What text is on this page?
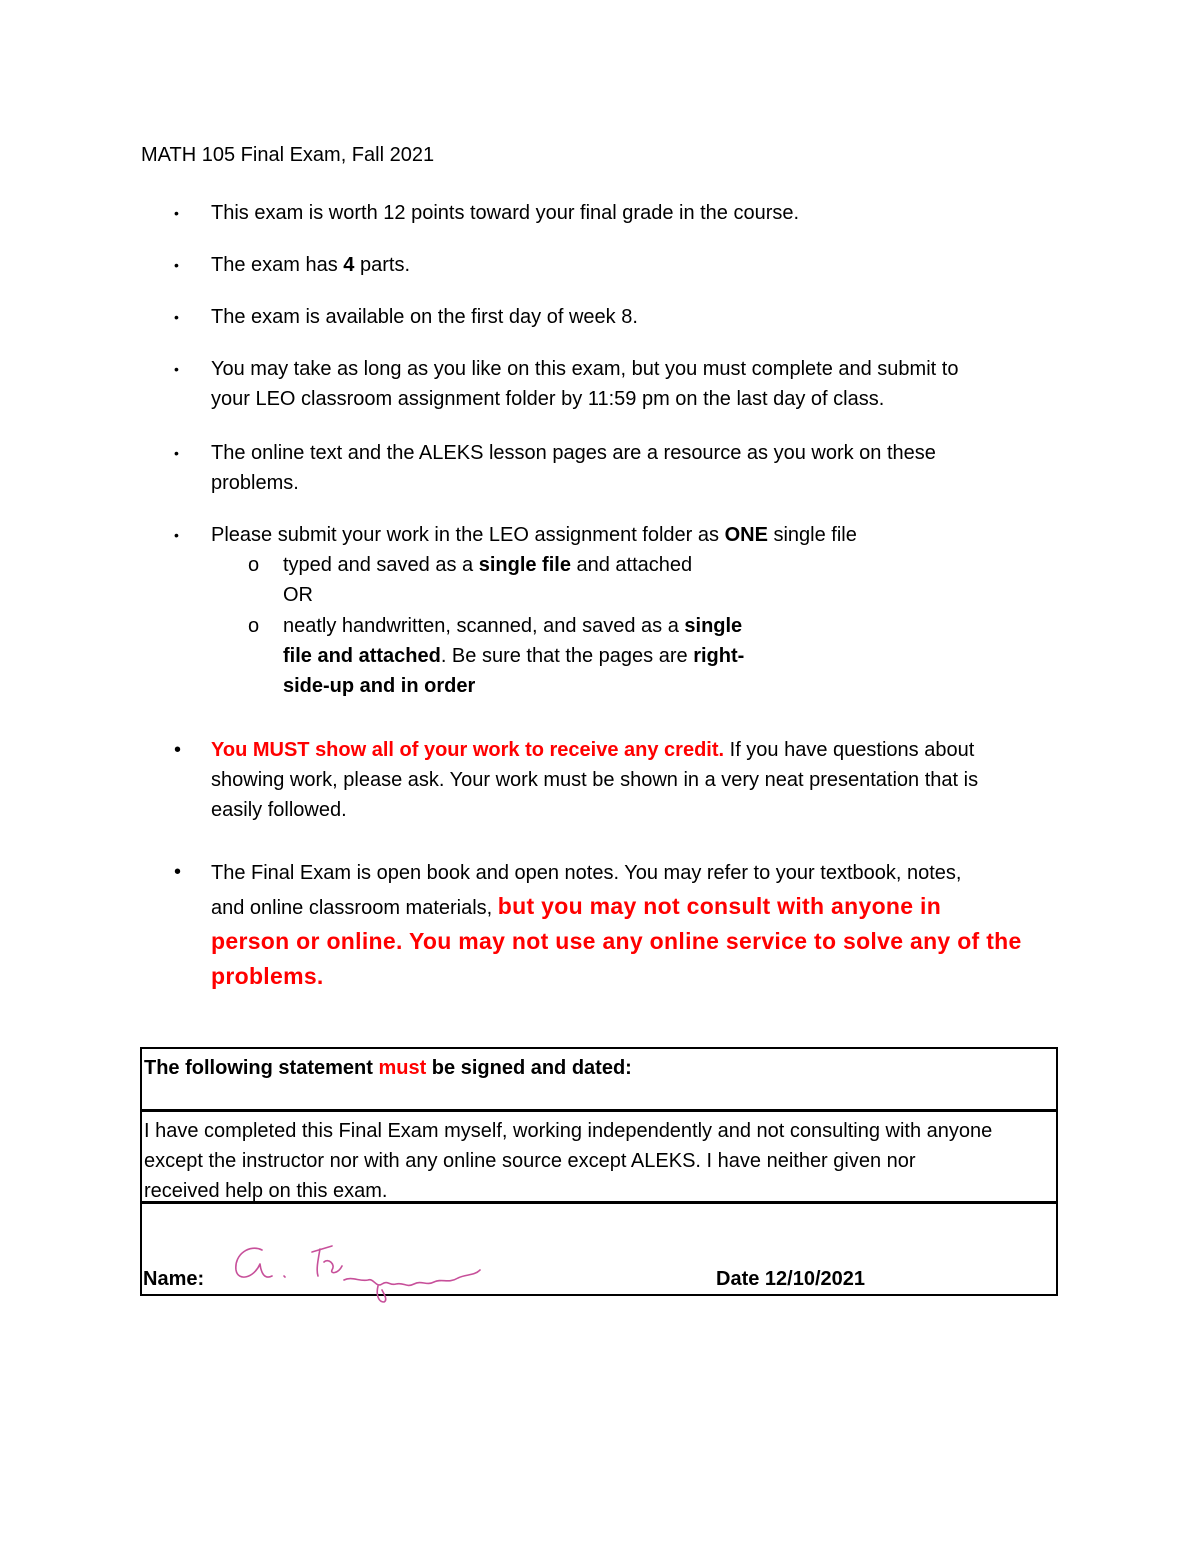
MATH 105 Final Exam, Fall 2021
• This exam is worth 12 points toward your final grade in the course.
• The exam has 4 parts.
• The exam is available on the first day of week 8.
• You may take as long as you like on this exam, but you must complete and submit to
your LEO classroom assignment folder by 11:59 pm on the last day of class.
• The online text and the ALEKS lesson pages are a resource as you work on these
problems.
• Please submit your work in the LEO assignment folder as ONE single file
o typed and saved as a single file and attached
OR
o neatly handwritten, scanned, and saved as a single
file and attached. Be sure that the pages are right-
side-up and in order
• You MUST show all of your work to receive any credit. If you have questions about
showing work, please ask. Your work must be shown in a very neat presentation that is
easily followed.
• The Final Exam is open book and open notes. You may refer to your textbook, notes,
and online classroom materials, but you may not consult with anyone in
person or online. You may not use any online service to solve any of the
problems.
The following statement must be signed and dated:
I have completed this Final Exam myself, working independently and not consulting with anyone
except the instructor nor with any online source except ALEKS. I have neither given nor
received help on this exam.
Name:	Date 12/10/2021
